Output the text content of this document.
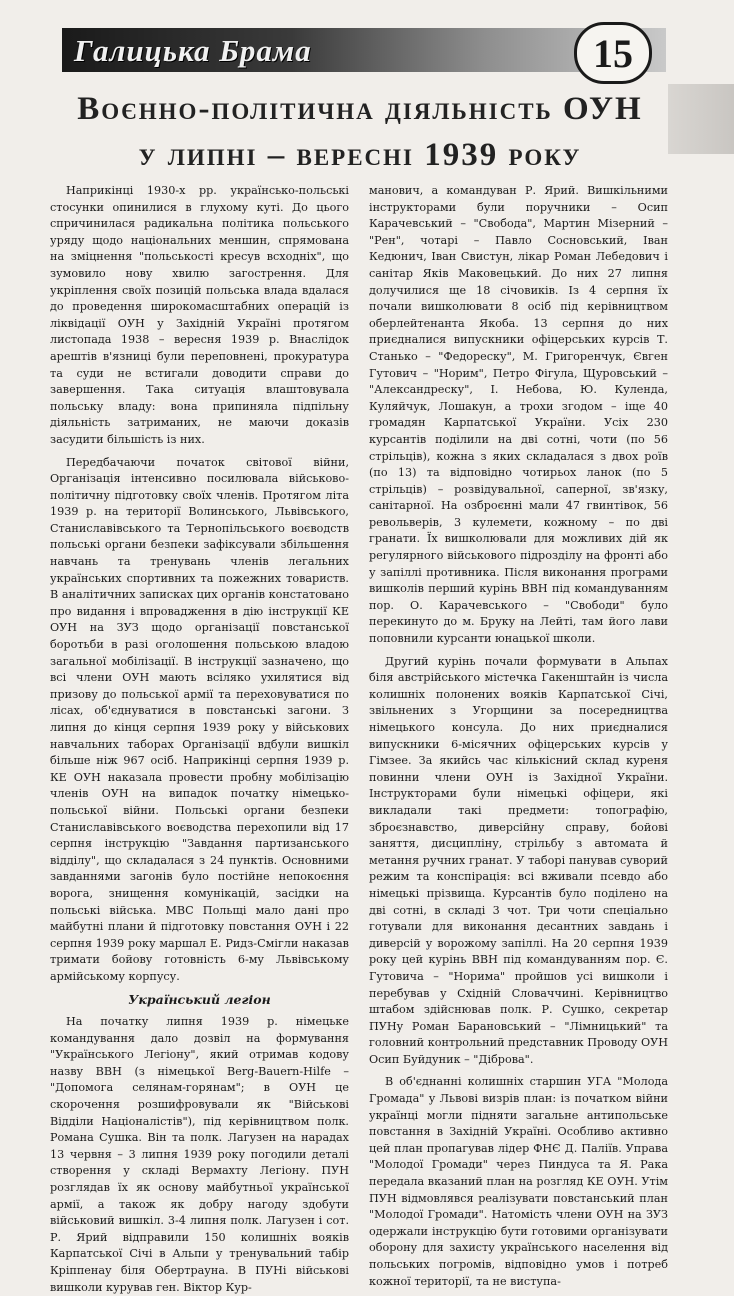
Галицька Брама	15
Воєнно-політична діяльність ОУН
у липні – вересні 1939 року

Наприкінці 1930-х рр. українсько-польські стосунки опинилися в глухому куті. До цього спричинилася радикальна політика польського уряду щодо національних меншин, спрямована на зміцнення "польськості кресув всходніх", що зумовило нову хвилю загострення. Для укріплення своїх позицій польська влада вдалася до проведення широкомасштабних операцій із ліквідації ОУН у Західній Україні протягом листопада 1938 – вересня 1939 р. Внаслідок арештів в'язниці були переповнені, прокуратура та суди не встигали доводити справи до завершення. Така ситуація влаштовувала польську владу: вона припиняла підпільну діяльність затриманих, не маючи доказів засудити більшість із них.

Передбачаючи початок світової війни, Організація інтенсивно посилювала військово-політичну підготовку своїх членів. Протягом літа 1939 р. на території Волинського, Львівського, Станиславівського та Тернопільського воєводств польські органи безпеки зафіксували збільшення навчань та тренувань членів легальних українських спортивних та пожежних товариств. В аналітичних записках цих органів констатовано про видання і впровадження в дію інструкції КЕ ОУН на ЗУЗ щодо організації повстанської боротьби в разі оголошення польською владою загальної мобілізації. В інструкції зазначено, що всі члени ОУН мають всіляко ухилятися від призову до польської армії та переховуватися по лісах, об'єднуватися в повстанські загони. З липня до кінця серпня 1939 року у військових навчальних таборах Організації вдбули вишкіл більше ніж 967 осіб. Наприкінці серпня 1939 р. КЕ ОУН наказала провести пробну мобілізацію членів ОУН на випадок початку німецько-польської війни. Польські органи безпеки Станиславівського воєводства перехопили від 17 серпня інструкцію "Завдання партизанського відділу", що складалася з 24 пунктів. Основними завданнями загонів було постійне непокоєння ворога, знищення комунікацій, засідки на польські війська. МВС Польщі мало дані про майбутні плани й підготовку повстання ОУН і 22 серпня 1939 року маршал Е. Ридз-Смігли наказав тримати бойову готовність 6-му Львівському армійському корпусу.

Український легіон

На початку липня 1939 р. німецьке командування дало дозвіл на формування "Українського Легіону", який отримав кодову назву ВВН (з німецької Berg-Bauern-Hilfe – "Допомога селянам-горянам"; в ОУН це скорочення розшифровували як "Військові Відділи Націоналістів"), під керівництвом полк. Романа Сушка. Він та полк. Лагузен на нарадах 13 червня – 3 липня 1939 року погодили деталі створення у складі Вермахту Легіону. ПУН розглядав їх як основу майбутньої української армії, а також як добру нагоду здобути військовий вишкіл. 3-4 липня полк. Лагузен і сот. Р. Ярий відправили 150 колишніх вояків Карпатської Січі в Альпи у тренувальний табір Кріппенау біля Обертраунa. В ПУНі військові вишколи курував ген. Віктор Кур-

манович, а командуван Р. Ярий. Вишкільними інструкторами були поручники – Осип Карачевський – "Свобода", Мартин Мізерний – "Рен", чотарі – Павло Сосновський, Іван Кедюнич, Іван Свистун, лікар Роман Лебедович і санітар Яків Маковецький. До них 27 липня долучилися ще 18 січовиків. Із 4 серпня їх почали вишколювати 8 осіб під керівництвом оберлейтенанта Якоба. 13 серпня до них приєдналися випускники офіцерських курсів Т. Станько – "Федореску", М. Григоренчук, Євген Гутович – "Норим", Петро Фігула, Щуровський – "Александреску", І. Небова, Ю. Куленда, Куляйчук, Лошакун, а трохи згодом – іще 40 громадян Карпатської України. Усіх 230 курсантів поділили на дві сотні, чоти (по 56 стрільців), кожна з яких складалася з двох роїв (по 13) та відповідно чотирьох ланок (по 5 стрільців) – розвідувальної, саперної, зв'язку, санітарної. На озброєнні мали 47 гвинтівок, 56 револьверів, 3 кулемети, кожному – по дві гранати. Їх вишколювали для можливих дій як регулярного військового підрозділу на фронті або у запіллі противника. Після виконання програми вишколів перший курінь ВВН під командуванням пор. О. Карачевського – "Свободи" було перекинуто до м. Брукy на Лейті, там його лави поповнили курсанти юнацької школи.

Другий курінь почали формувати в Альпах біля австрійського містечка Гакенштайн із числа колишніх полонених вояків Карпатської Січі, звільнених з Угорщини за посередництва німецького консула. До них приєдналися випускники 6-місячних офіцерських курсів у Гімзее. За якийсь час кількісний склад куреня повинни члени ОУН із Західної України. Інструкторами були німецькі офіцери, які викладали такі предмети: топографію, зброєзнавство, диверсійну справу, бойові заняття, дисципліну, стрільбу з автомата й метання ручних гранат. У таборі панував суворий режим та конспірація: всі вживали псевдо або німецькі прізвища. Курсантів було поділено на дві сотні, в складі 3 чот. Три чоти спеціально готували для виконання десантних завдань і диверсій у ворожому запіллі. На 20 серпня 1939 року цей курінь ВВН під командуванням пор. Є. Гутовича – "Норима" пройшов усі вишколи і перебував у Східній Словаччині. Керівництво штабом здійснював полк. Р. Сушко, секретар ПУНу Роман Барановський – "Лімницький" та головний контрольний представник Проводу ОУН Осип Буйдуник – "Діброва".

В об'єднанні колишніх старшин УГА "Молода Громада" у Львові визрів план: із початком війни українці могли підняти загальне антипольське повстання в Західній Україні. Особливо активно цей план пропагував лідер ФНЄ Д. Паліїв. Управа "Молодої Громади" через Пиндуса та Я. Рака передала вказаний план на розгляд КЕ ОУН. Утім ПУН відмовлявся реалізувати повстанський план "Молодої Громади". Натомість члени ОУН на ЗУЗ одержали інструкцію бути готовими організувати оборону для захисту українського населення від польських погромів, відповідно умов і потреб кожної території, та не виступа-
